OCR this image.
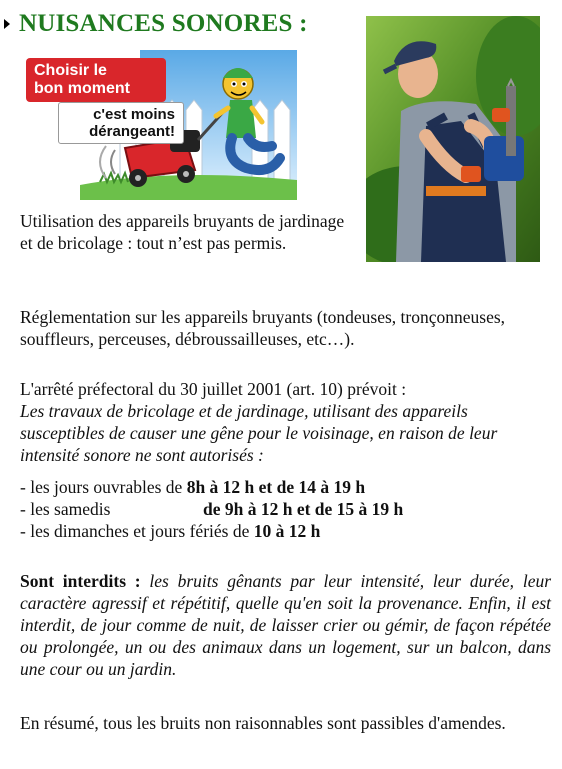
NUISANCES SONORES :
Choisir le
bon moment
c'est moins
dérangeant!

Utilisation des appareils bruyants de jardinage et de bricolage : tout n’est pas permis.

Réglementation sur les appareils bruyants (tondeuses, tronçonneuses, souffleurs, perceuses, débroussailleuses, etc…).

L'arrêté préfectoral du 30 juillet 2001 (art. 10) prévoit :
Les travaux de bricolage et de jardinage, utilisant des appareils susceptibles de causer une gêne pour le voisinage, en raison de leur intensité sonore ne sont autorisés :
- les jours ouvrables de 8h à 12 h et de 14 à 19 h
- les samedis	de 9h à 12 h et de 15 à 19 h
- les dimanches et jours fériés de 10 à 12 h

Sont interdits : les bruits gênants par leur intensité, leur durée, leur caractère agressif et répétitif, quelle qu'en soit la provenance. Enfin, il est interdit, de jour comme de nuit, de laisser crier ou gémir, de façon répétée ou prolongée, un ou des animaux dans un logement, sur un balcon, dans une cour ou un jardin.

En résumé, tous les bruits non raisonnables sont passibles d'amendes.
